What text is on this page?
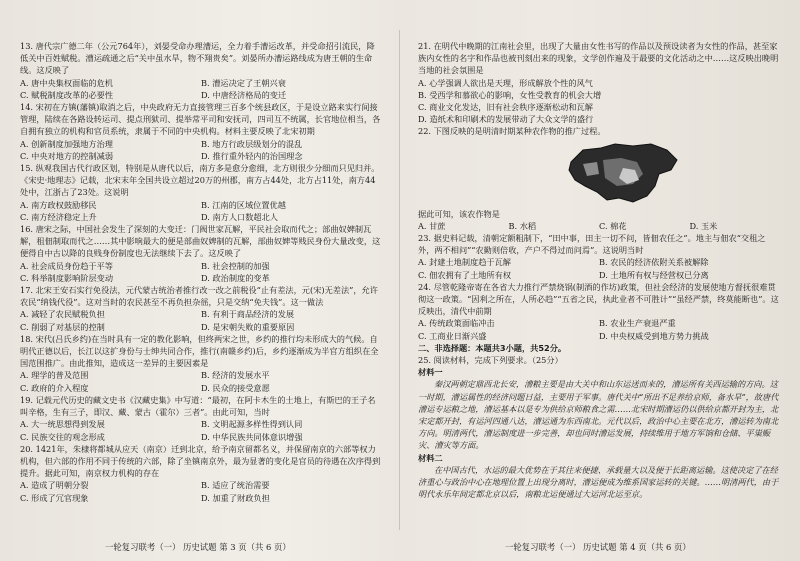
13. 唐代宗广德二年（公元764年），刘晏受命办理漕运，全力着手漕运改革，并受命招引流民，降低关中百姓赋税。漕运疏通之后“关中虽水旱，物不翔贵矣”。刘晏所办漕运路线成为唐王朝的生命线。这反映了

A. 唐中央集权面临的危机	B. 漕运决定了王朝兴衰
C. 赋税制度改革的必要性	D. 中唐经济格局的变迁

14. 宋初在方镇(藩镇)取消之后，中央政府无力直接管理三百多个统县政区，于是设立路来实行间接管理，陆续在各路设转运司、提点刑狱司、提举常平司和安抚司，四司互不统属，长官地位相当，各自拥有独立的机构和官员系统，隶属于不同的中央机构。材料主要反映了北宋初期

A. 创新制度加强地方治理	B. 地方行政层级划分的混乱
C. 中央对地方的控制减弱	D. 推行重外轻内的治国理念

15. 纵观我国古代行政区划，特别是从唐代以后，南方多是愈分愈细，北方则很少分细而只见归并。《宋史·地理志》记载，北宋末年全国共设立超过20万的州郡，南方占44处，北方占11处，南方44处中，江浙占了23处。这说明

A. 南方政权鼓励移民	B. 江南的区域位置优越
C. 南方经济稳定上升	D. 南方人口数超北人

16. 唐宋之际，中国社会发生了深刻的大变迁：门阀世家瓦解，平民社会取而代之；部曲奴婢制瓦解，租佃制取而代之……其中影响最大的便是部曲奴婢制的瓦解，部曲奴婢等贱民身份大量改变，这便得自中古以降的良贱身份制度也无法继续下去了。这反映了

A. 社会成员身份趋于平等	B. 社会控制的加强
C. 科举制度影响阶层变动	D. 政治制度的变革

17. 北宋王安石实行免役法，元代蒙古统治者推行改一改之前税役“止有差法，元(宋)无差法”，允许农民“纳钱代役”。这对当时的农民甚至不再负担杂徭，只是交纳“免夫钱”。这一做法

A. 减轻了农民赋税负担	B. 有利于商品经济的发展
C. 削弱了对基层的控制	D. 是宋朝失败的重要原因

18. 宋代(吕氏乡约)在当时具有一定的教化影响，但终两宋之世，乡约的推行均未形成大的气候。自明代正德以后，长江以这扩身份与士绅共同合作，推行(南赣乡约)后，乡约逐渐成为半官方组织在全国范围推广。由此推知，造成这一差异的主要因素是

A. 理学的普及范围	B. 经济的发展水平
C. 政府的介入程度	D. 民众的接受意愿

19. 记载元代历史的藏文史书《汉藏史集》中写道：“最初，在阿卡木生的土地上，有斯巴的王子名叫辛格，生有三子，即汉、藏、蒙古（霍尔）三者”。由此可知，当时

A. 大一统思想得到发展	B. 文明起源多样性得到认同
C. 民族交往的观念形成	D. 中华民族共同体意识增强

20. 1421年，朱棣将都城从应天（南京）迁到北京，给予南京留都名义，并保留南京的六部等权力机构，但六部的作用不同于传统的六部，除了坐镇南京外，最为显著的变化是官员的待遇在次序得到提升。据此可知，南京权力机构的存在

A. 造成了明朝分裂	B. 适应了统治需要
C. 形成了冗官现象	D. 加重了财政负担

21. 在明代中晚期的江南社会里，出现了大量由女性书写的作品以及预设读者为女性的作品，甚至家族内女性的名字和作品也被刊刻出来的现象，文学创作遍及于最要的文化活动之中……这反映出晚明当地的社会氛围是

A. 心学强调人欲出是天理，形成解放个性的风气
B. 受西学和慕欲心的影响，女性受教育的机会大增
C. 商业文化发达，旧有社会秩序逐渐松动和瓦解
D. 造纸术和印刷术的发展带动了大众文学的盛行

22. 下图反映的是明清时期某种农作物的推广过程。

据此可知，该农作物是

A. 甘蔗	B. 水稻	C. 棉花	D. 玉米

23. 据史料记载，清朝定额粗制下，“田中事，田主一切不问，皆佃农任之”。地主与佃农“交租之外，两不相问”“农勤则倍收，产户不得过而问焉”。这说明当时

A. 封建土地制度趋于瓦解	B. 农民的经济依附关系被解除
C. 佃农拥有了土地所有权	D. 土地所有权与经营权已分离

24. 尽管乾隆帝寄在各省大力推行严禁烧锅(制酒的作坊)政策，但社会经济的发展使地方督抚很难贯彻这一政策。“因利之所在，人所必趋”“五省之民，执此业者不可胜计”“虽经严禁，终莫能断也”。这反映出，清代中前期

A. 传统政策面临冲击	B. 农业生产衰退严重
C. 工商业日渐兴盛	D. 中央权威受到地方势力挑战

二、非选择题：本题共3小题，共52分。

25. 阅读材料，完成下列要求。（25分）

材料一

秦汉两朝定鼎西北长安，漕粮主要是由大关中和山东运送而来的，漕运所有关西运输的方向。这一时期，漕运属性的经济问题日益，主要用于军事。唐代关中“所出不足养给京师，备水旱”，故唐代漕运专运粮之地，漕运基本以是专为供给京师粮食之需……北宋时期漕运仍以供给京都开封为主，北宋定都开封，有运河四通八达，漕运通为东西南北。元代以后，政治中心主要在北方，漕运转为南北方向。明清两代，漕运制度进一步完善，却也同时漕运发展，持续维用于地方军饷和仓储、平粜赈灾、漕灾等方面。

材料二

在中国古代，水运的最大优势在于其往来便捷、承载量大以及便于长距离运输。这使决定了在经济重心与政治中心在地理位置上出现分离时，漕运便成为维系国家运转的关键。……明清两代，由于明代永乐年间定都北京以后，南粮北运便通过大运河北运至京。

一轮复习联考（一） 历史试题 第 3 页（共 6 页）	一轮复习联考（一） 历史试题 第 4 页（共 6 页）
